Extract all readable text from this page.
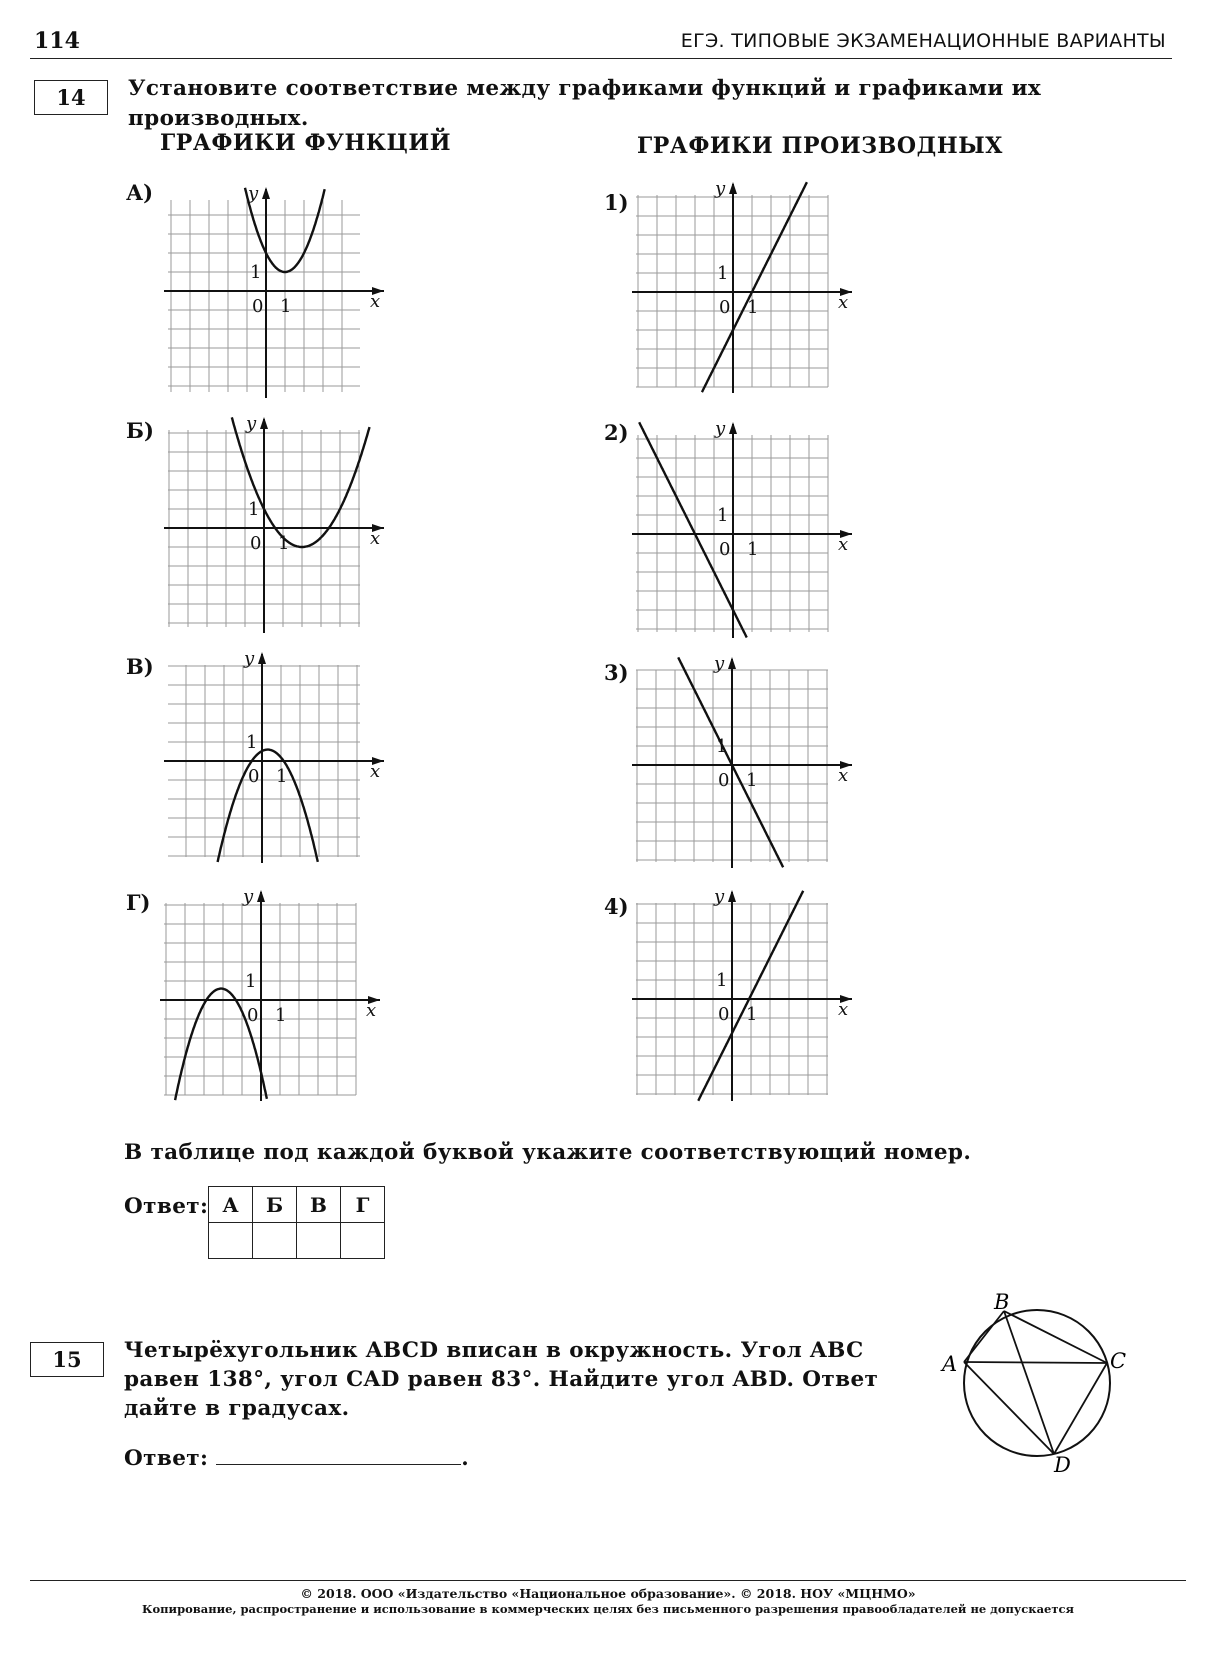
114	ЕГЭ. ТИПОВЫЕ ЭКЗАМЕНАЦИОННЫЕ ВАРИАНТЫ
14	Установите соответствие между графиками функций и графиками их производных.
ГРАФИКИ ФУНКЦИЙ	ГРАФИКИ ПРОИЗВОДНЫХ
А)
Б)
В)
Г)
1)
2)
3)
4)
0 1
1
x
y
0 1
1
x
y
0 1
1
x
y
0 1
1
x
y
0 1
1
x
y
0 1
1
x
y
0 1
1
x
y
0 1
1
x
y
В таблице под каждой буквой укажите соответствующий номер.
Ответ: А	Б	В	Г

15	Четырёхугольник ABCD вписан в окружность. Угол ABC
равен 138°, угол CAD равен 83°. Найдите угол ABD. Ответ
дайте в градусах.
Ответ:	.
A
B
C
D
© 2018. ООО «Издательство «Национальное образование». © 2018. НОУ «МЦНМО»
Копирование, распространение и использование в коммерческих целях без письменного разрешения правообладателей не допускается
